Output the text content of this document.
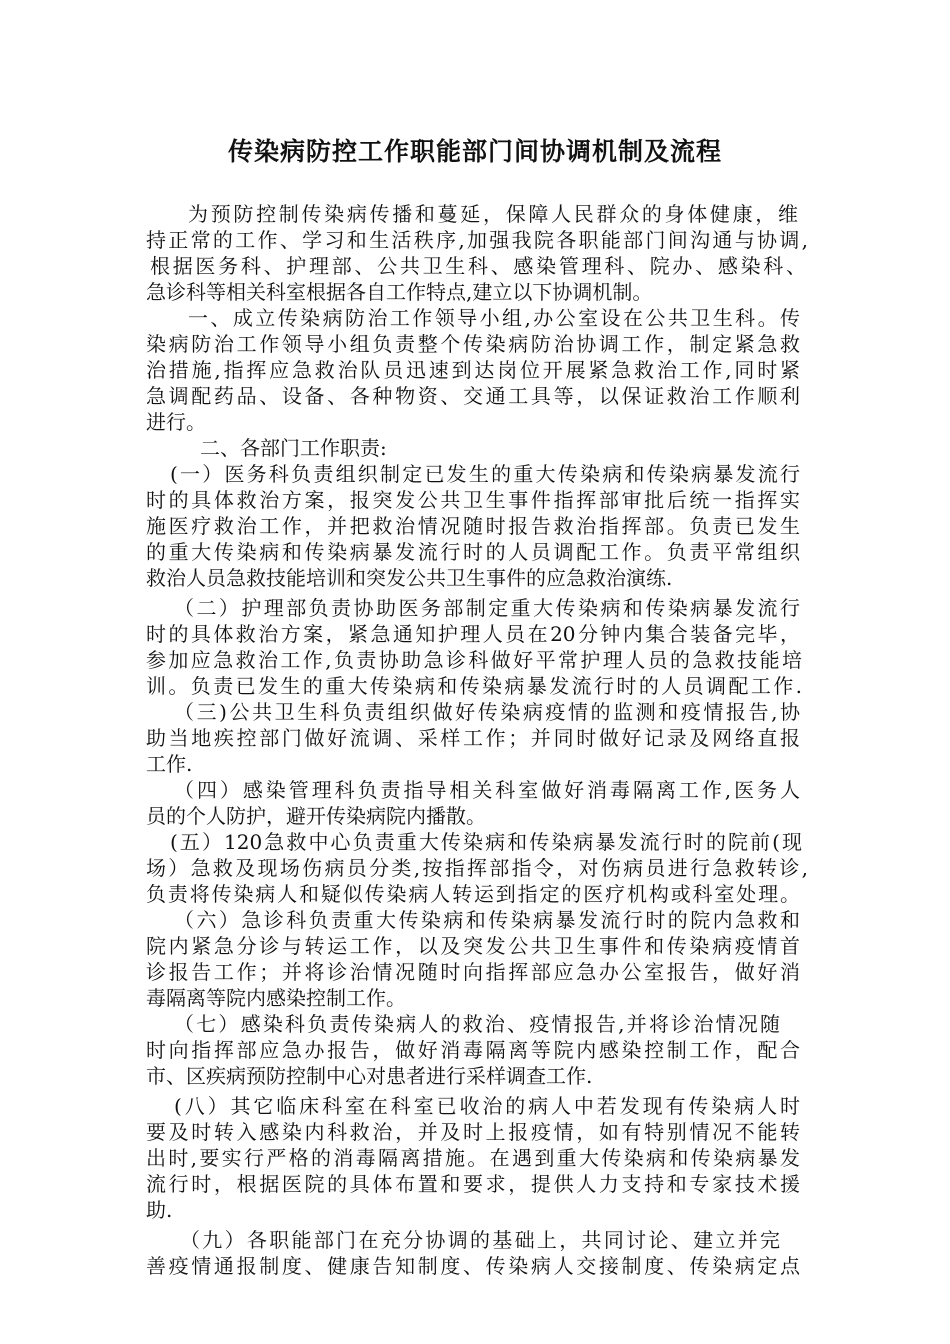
传染病防控工作职能部门间协调机制及流程
为预防控制传染病传播和蔓延，保障人民群众的身体健康，维
持正常的工作、学习和生活秩序,加强我院各职能部门间沟通与协调,
根据医务科、护理部、公共卫生科、感染管理科、院办、感染科、
急诊科等相关科室根据各自工作特点,建立以下协调机制。
一、成立传染病防治工作领导小组,办公室设在公共卫生科。传
染病防治工作领导小组负责整个传染病防治协调工作，制定紧急救
治措施,指挥应急救治队员迅速到达岗位开展紧急救治工作,同时紧
急调配药品、设备、各种物资、交通工具等，以保证救治工作顺利
进行。
二、各部门工作职责:
(一）医务科负责组织制定已发生的重大传染病和传染病暴发流行
时的具体救治方案，报突发公共卫生事件指挥部审批后统一指挥实
施医疗救治工作，并把救治情况随时报告救治指挥部。负责已发生
的重大传染病和传染病暴发流行时的人员调配工作。负责平常组织
救治人员急救技能培训和突发公共卫生事件的应急救治演练.
（二）护理部负责协助医务部制定重大传染病和传染病暴发流行
时的具体救治方案，紧急通知护理人员在20分钟内集合装备完毕，
参加应急救治工作,负责协助急诊科做好平常护理人员的急救技能培
训。负责已发生的重大传染病和传染病暴发流行时的人员调配工作.
（三)公共卫生科负责组织做好传染病疫情的监测和疫情报告,协
助当地疾控部门做好流调、采样工作；并同时做好记录及网络直报
工作.
（四）感染管理科负责指导相关科室做好消毒隔离工作,医务人
员的个人防护，避开传染病院内播散。
(五）120急救中心负责重大传染病和传染病暴发流行时的院前(现
场）急救及现场伤病员分类,按指挥部指令，对伤病员进行急救转诊,
负责将传染病人和疑似传染病人转运到指定的医疗机构或科室处理。
（六）急诊科负责重大传染病和传染病暴发流行时的院内急救和
院内紧急分诊与转运工作，以及突发公共卫生事件和传染病疫情首
诊报告工作；并将诊治情况随时向指挥部应急办公室报告，做好消
毒隔离等院内感染控制工作。
（七）感染科负责传染病人的救治、疫情报告,并将诊治情况随
时向指挥部应急办报告，做好消毒隔离等院内感染控制工作，配合
市、区疾病预防控制中心对患者进行采样调查工作.
(八）其它临床科室在科室已收治的病人中若发现有传染病人时
要及时转入感染内科救治，并及时上报疫情，如有特别情况不能转
出时,要实行严格的消毒隔离措施。在遇到重大传染病和传染病暴发
流行时，根据医院的具体布置和要求，提供人力支持和专家技术援
助.
（九）各职能部门在充分协调的基础上，共同讨论、建立并完
善疫情通报制度、健康告知制度、传染病人交接制度、传染病定点
